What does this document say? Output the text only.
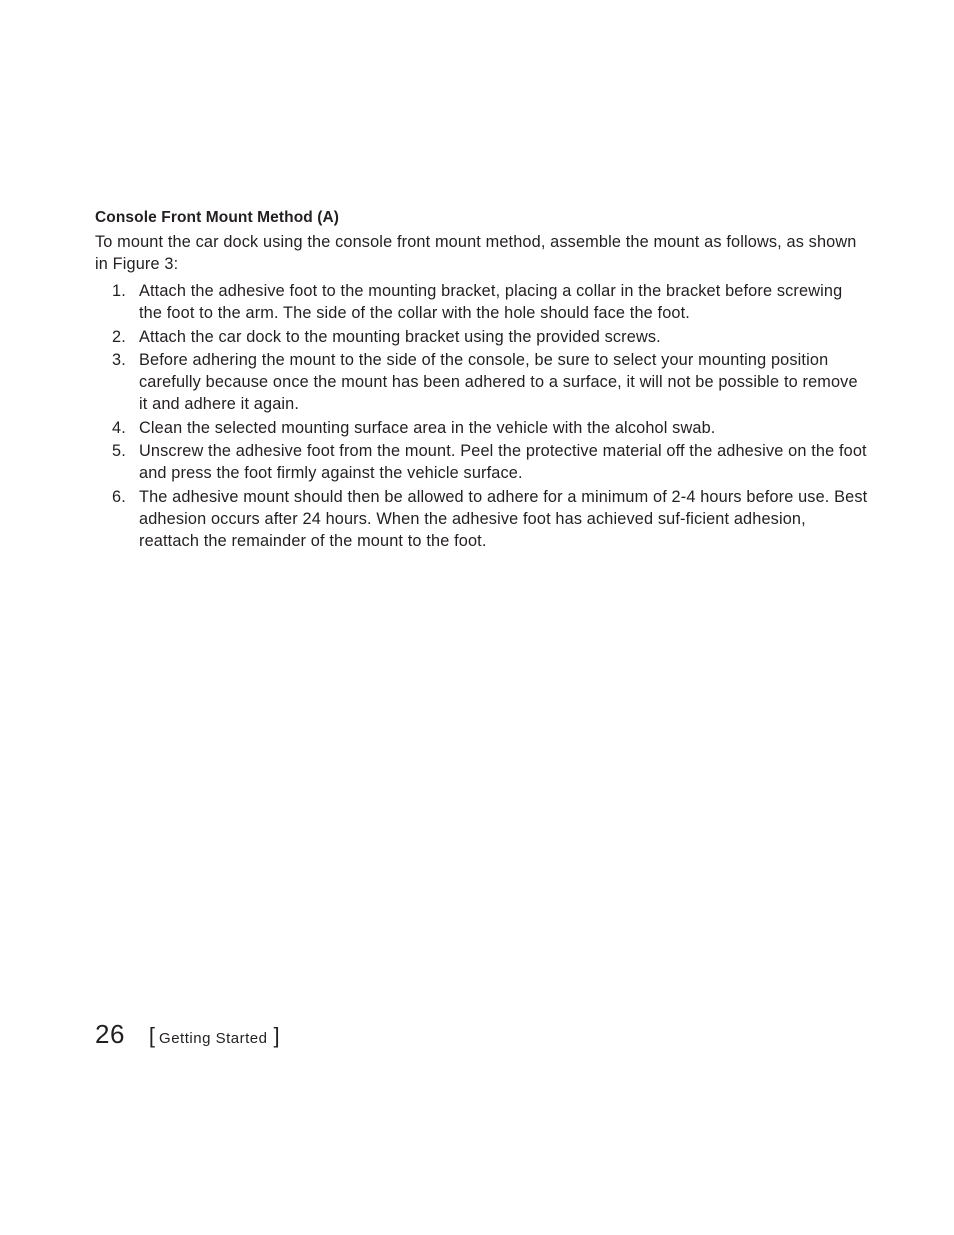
Console Front Mount Method (A)

To mount the car dock using the console front mount method, assemble the mount as follows, as shown in Figure 3:

1. Attach the adhesive foot to the mounting bracket, placing a collar in the bracket before screwing the foot to the arm. The side of the collar with the hole should face the foot.
2. Attach the car dock to the mounting bracket using the provided screws.
3. Before adhering the mount to the side of the console, be sure to select your mounting position carefully because once the mount has been adhered to a surface, it will not be possible to remove it and adhere it again.
4. Clean the selected mounting surface area in the vehicle with the alcohol swab.
5. Unscrew the adhesive foot from the mount. Peel the protective material off the adhesive on the foot and press the foot firmly against the vehicle surface.
6. The adhesive mount should then be allowed to adhere for a minimum of 2-4 hours before use. Best adhesion occurs after 24 hours. When the adhesive foot has achieved suf-ficient adhesion, reattach the remainder of the mount to the foot.
26 [ Getting Started ]
